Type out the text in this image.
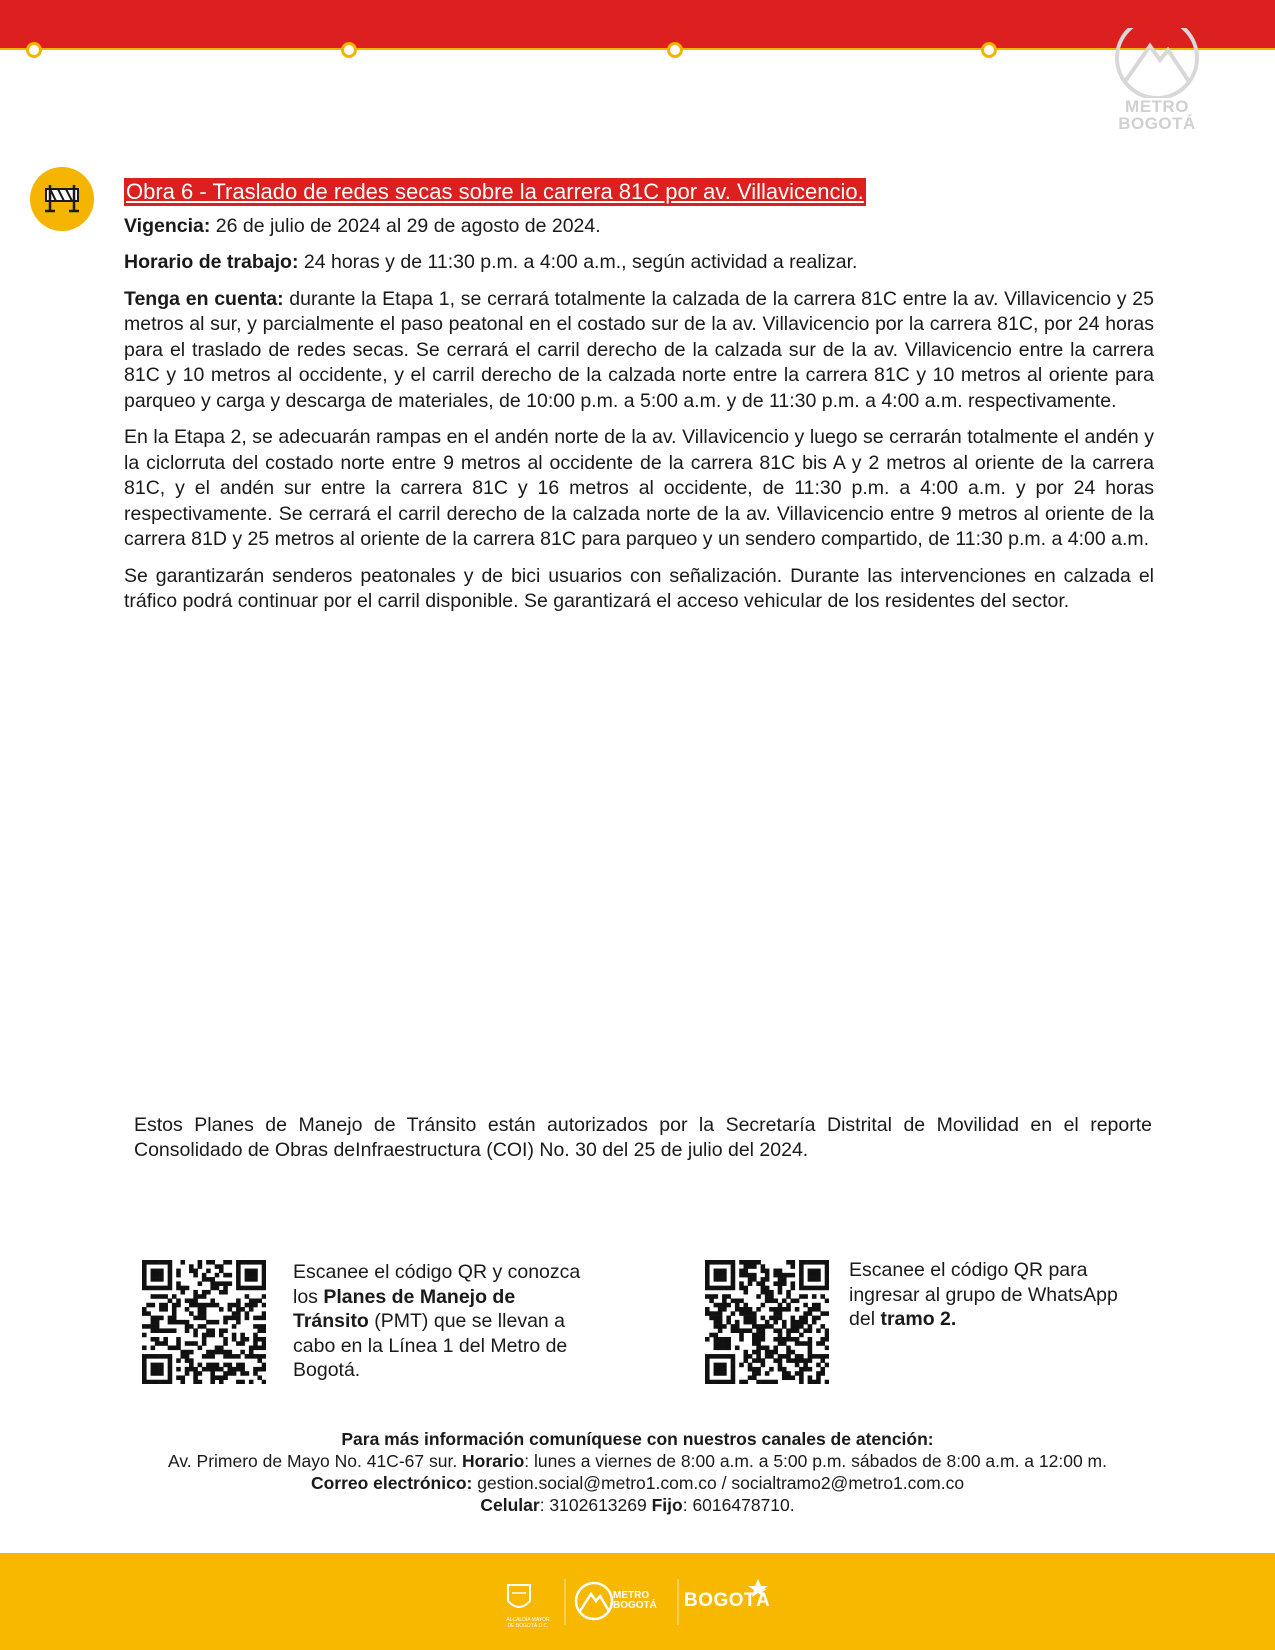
METRO
BOGOTÁ
Obra 6 - Traslado de redes secas sobre la carrera 81C por av. Villavicencio.

Vigencia: 26 de julio de 2024 al 29 de agosto de 2024.

Horario de trabajo: 24 horas y de 11:30 p.m. a 4:00 a.m., según actividad a realizar.

Tenga en cuenta: durante la Etapa 1, se cerrará totalmente la calzada de la carrera 81C entre la av. Villavicencio y 25 metros al sur, y parcialmente el paso peatonal en el costado sur de la av. Villavicencio por la carrera 81C, por 24 horas para el traslado de redes secas. Se cerrará el carril derecho de la calzada sur de la av. Villavicencio entre la carrera 81C y 10 metros al occidente, y el carril derecho de la calzada norte entre la carrera 81C y 10 metros al oriente para parqueo y carga y descarga de materiales, de 10:00 p.m. a 5:00 a.m. y de 11:30 p.m. a 4:00 a.m. respectivamente.

En la Etapa 2, se adecuarán rampas en el andén norte de la av. Villavicencio y luego se cerrarán totalmente el andén y la ciclorruta del costado norte entre 9 metros al occidente de la carrera 81C bis A y 2 metros al oriente de la carrera 81C, y el andén sur entre la carrera 81C y 16 metros al occidente, de 11:30 p.m. a 4:00 a.m. y por 24 horas respectivamente. Se cerrará el carril derecho de la calzada norte de la av. Villavicencio entre 9 metros al oriente de la carrera 81D y 25 metros al oriente de la carrera 81C para parqueo y un sendero compartido, de 11:30 p.m. a 4:00 a.m.

Se garantizarán senderos peatonales y de bici usuarios con señalización. Durante las intervenciones en calzada el tráfico podrá continuar por el carril disponible. Se garantizará el acceso vehicular de los residentes del sector.

Estos Planes de Manejo de Tránsito están autorizados por la Secretaría Distrital de Movilidad en el reporte Consolidado de Obras deInfraestructura (COI) No. 30 del 25 de julio del 2024.

Escanee el código QR y conozca los Planes de Manejo de Tránsito (PMT) que se llevan a cabo en la Línea 1 del Metro de Bogotá.
Escanee el código QR para ingresar al grupo de WhatsApp del tramo 2.
Para más información comuníquese con nuestros canales de atención:
Av. Primero de Mayo No. 41C-67 sur. Horario: lunes a viernes de 8:00 a.m. a 5:00 p.m. sábados de 8:00 a.m. a 12:00 m.
Correo electrónico: gestion.social@metro1.com.co / socialtramo2@metro1.com.co
Celular: 3102613269 Fijo: 6016478710.
ALCALDÍA MAYOR DE BOGOTÁ D.C.
METRO
BOGOTÁ BOGOTÁ
